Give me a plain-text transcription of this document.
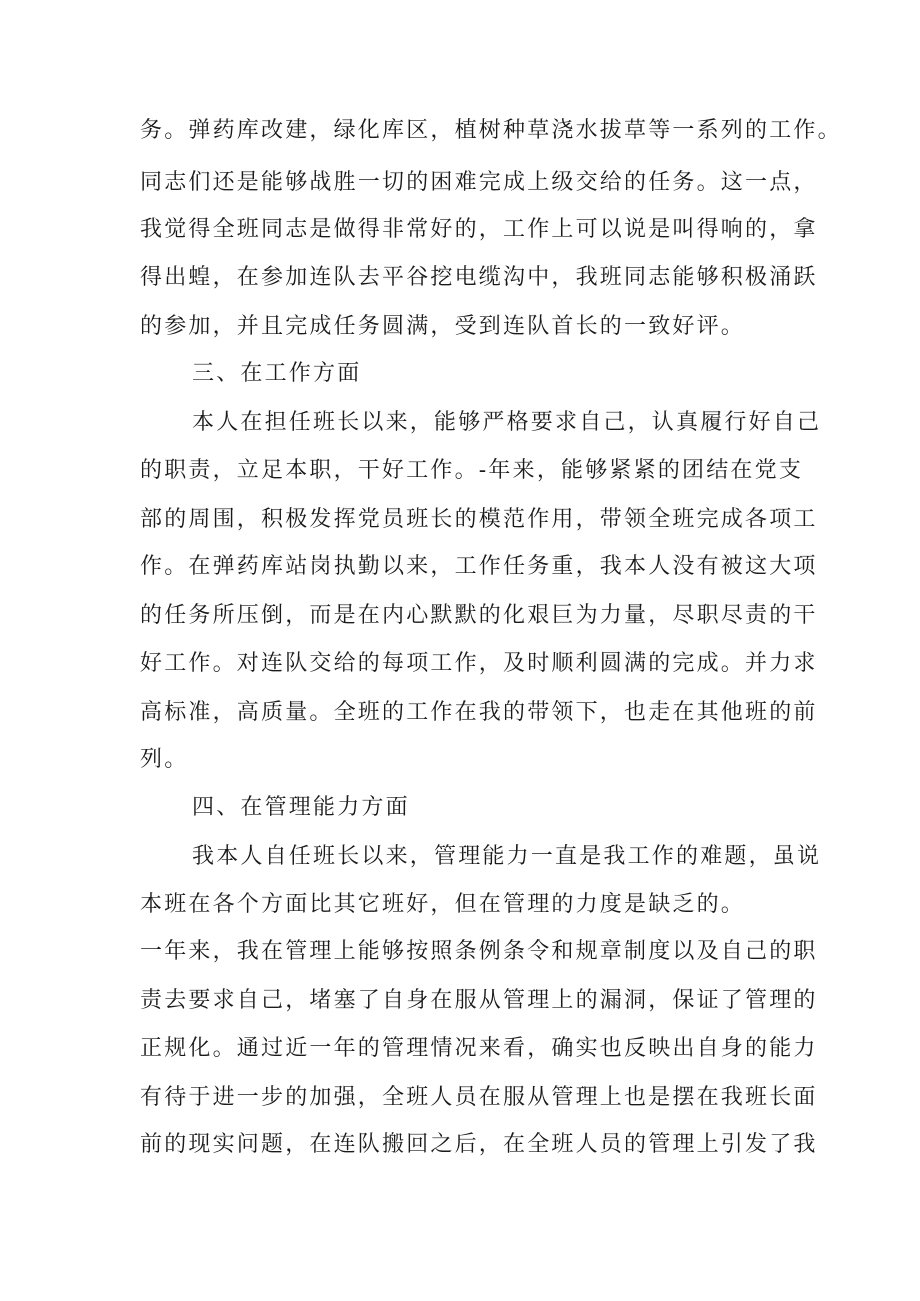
务。弹药库改建，绿化库区，植树种草浇水拔草等一系列的工作。
同志们还是能够战胜一切的困难完成上级交给的任务。这一点，
我觉得全班同志是做得非常好的，工作上可以说是叫得响的，拿
得出蝗，在参加连队去平谷挖电缆沟中，我班同志能够积极涌跃
的参加，并且完成任务圆满，受到连队首长的一致好评。
三、在工作方面
本人在担任班长以来，能够严格要求自己，认真履行好自己
的职责，立足本职，干好工作。-年来，能够紧紧的团结在党支
部的周围，积极发挥党员班长的模范作用，带领全班完成各项工
作。在弹药库站岗执勤以来，工作任务重，我本人没有被这大项
的任务所压倒，而是在内心默默的化艰巨为力量，尽职尽责的干
好工作。对连队交给的每项工作，及时顺利圆满的完成。并力求
高标准，高质量。全班的工作在我的带领下，也走在其他班的前
列。
四、在管理能力方面
我本人自任班长以来，管理能力一直是我工作的难题，虽说
本班在各个方面比其它班好，但在管理的力度是缺乏的。
一年来，我在管理上能够按照条例条令和规章制度以及自己的职
责去要求自己，堵塞了自身在服从管理上的漏洞，保证了管理的
正规化。通过近一年的管理情况来看，确实也反映出自身的能力
有待于进一步的加强，全班人员在服从管理上也是摆在我班长面
前的现实问题，在连队搬回之后，在全班人员的管理上引发了我
